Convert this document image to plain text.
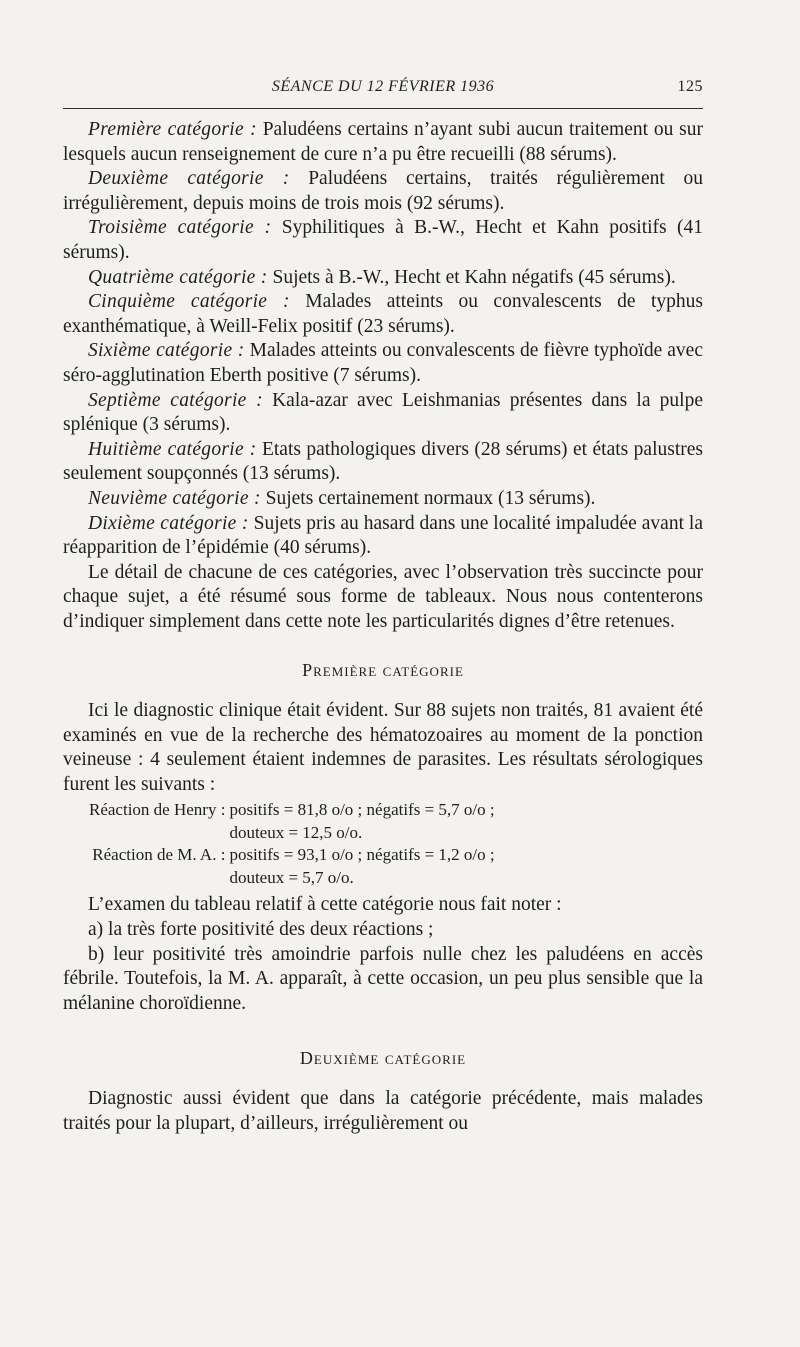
SÉANCE DU 12 FÉVRIER 1936	125

Première catégorie : Paludéens certains n’ayant subi aucun traitement ou sur lesquels aucun renseignement de cure n’a pu être recueilli (88 sérums).

Deuxième catégorie : Paludéens certains, traités régulièrement ou irrégulièrement, depuis moins de trois mois (92 sérums).

Troisième catégorie : Syphilitiques à B.-W., Hecht et Kahn positifs (41 sérums).

Quatrième catégorie : Sujets à B.-W., Hecht et Kahn négatifs (45 sérums).

Cinquième catégorie : Malades atteints ou convalescents de typhus exanthématique, à Weill-Felix positif (23 sérums).

Sixième catégorie : Malades atteints ou convalescents de fièvre typhoïde avec séro-agglutination Eberth positive (7 sérums).

Septième catégorie : Kala-azar avec Leishmanias présentes dans la pulpe splénique (3 sérums).

Huitième catégorie : Etats pathologiques divers (28 sérums) et états palustres seulement soupçonnés (13 sérums).

Neuvième catégorie : Sujets certainement normaux (13 sérums).

Dixième catégorie : Sujets pris au hasard dans une localité impaludée avant la réapparition de l’épidémie (40 sérums).

Le détail de chacune de ces catégories, avec l’observation très succincte pour chaque sujet, a été résumé sous forme de tableaux. Nous nous contenterons d’indiquer simplement dans cette note les particularités dignes d’être retenues.

Première catégorie

Ici le diagnostic clinique était évident. Sur 88 sujets non traités, 81 avaient été examinés en vue de la recherche des hématozoaires au moment de la ponction veineuse : 4 seulement étaient indemnes de parasites. Les résultats sérologiques furent les suivants :

Réaction de Henry :	positifs = 81,8 o/o ; négatifs = 5,7 o/o ;
	douteux = 12,5 o/o.
Réaction de M. A. :	positifs = 93,1 o/o ; négatifs = 1,2 o/o ;
	douteux = 5,7 o/o.

L’examen du tableau relatif à cette catégorie nous fait noter :

a) la très forte positivité des deux réactions ;

b) leur positivité très amoindrie parfois nulle chez les paludéens en accès fébrile. Toutefois, la M. A. apparaît, à cette occasion, un peu plus sensible que la mélanine choroïdienne.

Deuxième catégorie

Diagnostic aussi évident que dans la catégorie précédente, mais malades traités pour la plupart, d’ailleurs, irrégulièrement ou
